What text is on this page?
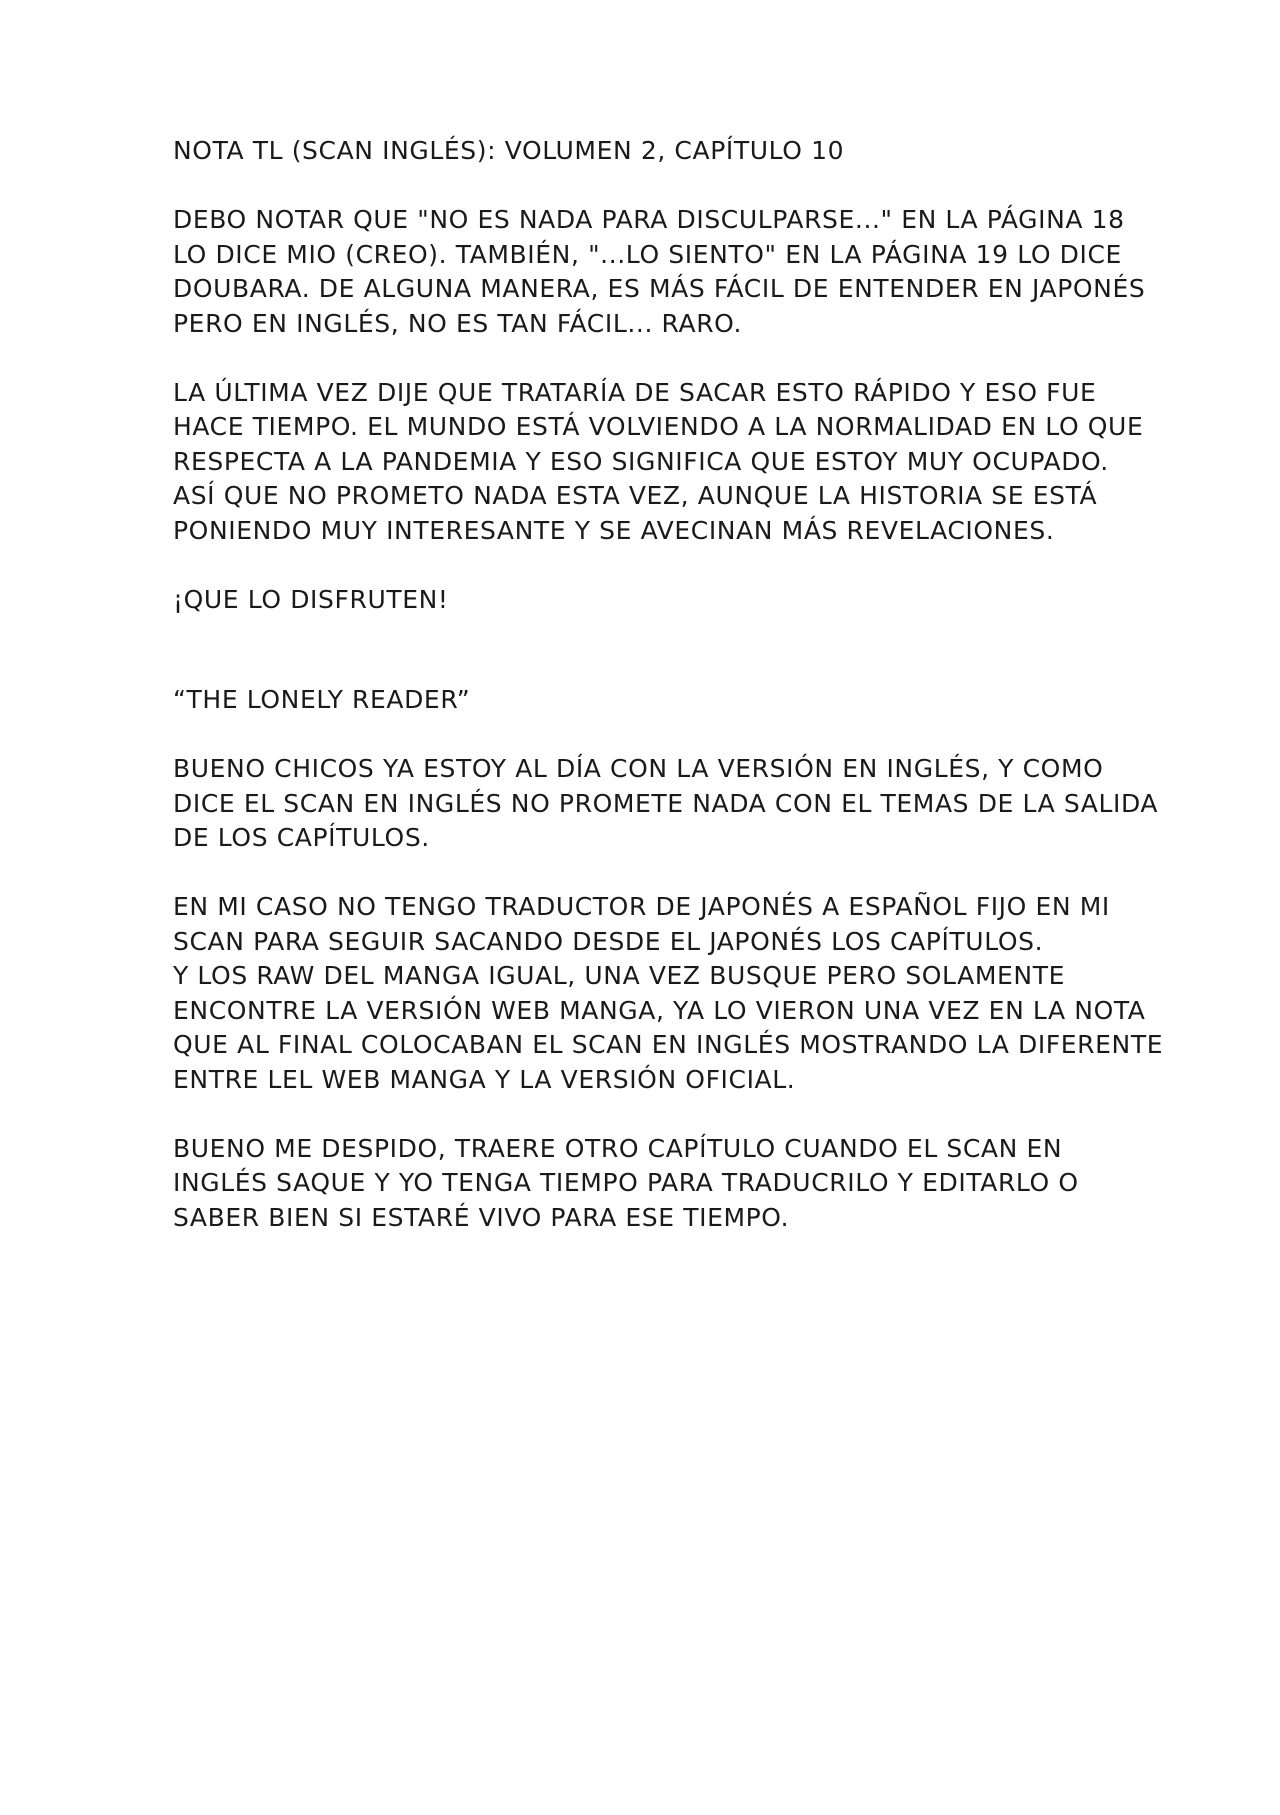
NOTA TL (SCAN INGLÉS): VOLUMEN 2, CAPÍTULO 10

DEBO NOTAR QUE "NO ES NADA PARA DISCULPARSE..." EN LA PÁGINA 18
LO DICE MIO (CREO). TAMBIÉN, "...LO SIENTO" EN LA PÁGINA 19 LO DICE
DOUBARA. DE ALGUNA MANERA, ES MÁS FÁCIL DE ENTENDER EN JAPONÉS
PERO EN INGLÉS, NO ES TAN FÁCIL... RARO.

LA ÚLTIMA VEZ DIJE QUE TRATARÍA DE SACAR ESTO RÁPIDO Y ESO FUE
HACE TIEMPO. EL MUNDO ESTÁ VOLVIENDO A LA NORMALIDAD EN LO QUE
RESPECTA A LA PANDEMIA Y ESO SIGNIFICA QUE ESTOY MUY OCUPADO.
ASÍ QUE NO PROMETO NADA ESTA VEZ, AUNQUE LA HISTORIA SE ESTÁ
PONIENDO MUY INTERESANTE Y SE AVECINAN MÁS REVELACIONES.

¡QUE LO DISFRUTEN!

“THE LONELY READER”

BUENO CHICOS YA ESTOY AL DÍA CON LA VERSIÓN EN INGLÉS, Y COMO
DICE EL SCAN EN INGLÉS NO PROMETE NADA CON EL TEMAS DE LA SALIDA
DE LOS CAPÍTULOS.

EN MI CASO NO TENGO TRADUCTOR DE JAPONÉS A ESPAÑOL FIJO EN MI
SCAN PARA SEGUIR SACANDO DESDE EL JAPONÉS LOS CAPÍTULOS.
Y LOS RAW DEL MANGA IGUAL, UNA VEZ BUSQUE PERO SOLAMENTE
ENCONTRE LA VERSIÓN WEB MANGA, YA LO VIERON UNA VEZ EN LA NOTA
QUE AL FINAL COLOCABAN EL SCAN EN INGLÉS MOSTRANDO LA DIFERENTE
ENTRE LEL WEB MANGA Y LA VERSIÓN OFICIAL.

BUENO ME DESPIDO, TRAERE OTRO CAPÍTULO CUANDO EL SCAN EN
INGLÉS SAQUE Y YO TENGA TIEMPO PARA TRADUCRILO Y EDITARLO O
SABER BIEN SI ESTARÉ VIVO PARA ESE TIEMPO.
